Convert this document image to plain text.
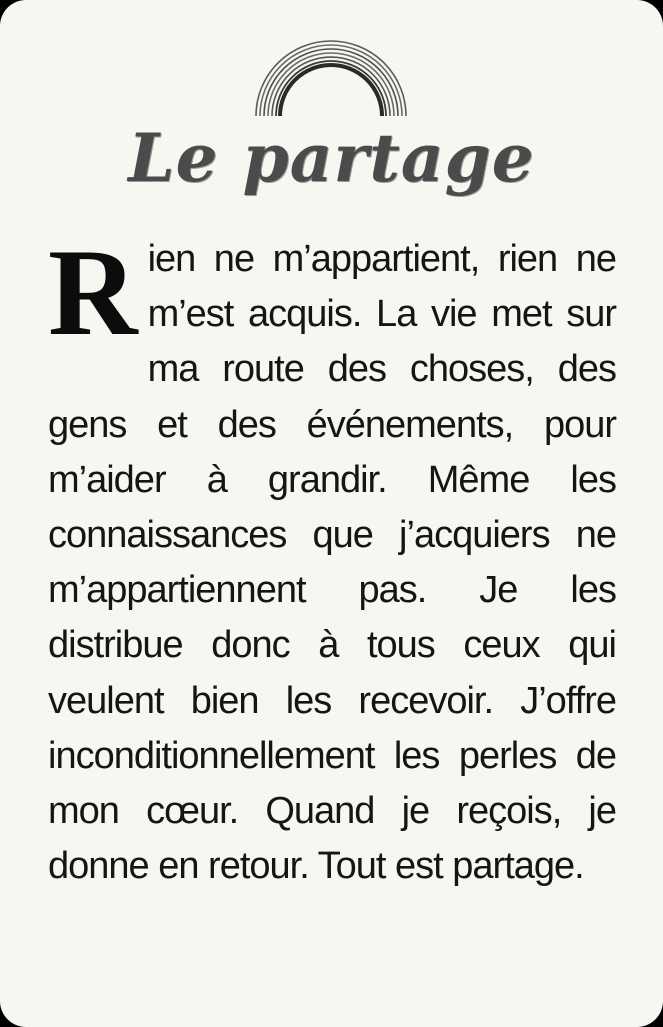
Le partage

Rien ne m’appartient, rien ne m’est acquis. La vie met sur ma route des choses, des gens et des événements, pour m’aider à grandir. Même les connaissances que j’acquiers ne m’appartiennent pas. Je les distribue donc à tous ceux qui veulent bien les recevoir. J’offre inconditionnellement les perles de mon cœur. Quand je reçois, je donne en retour. Tout est partage.
